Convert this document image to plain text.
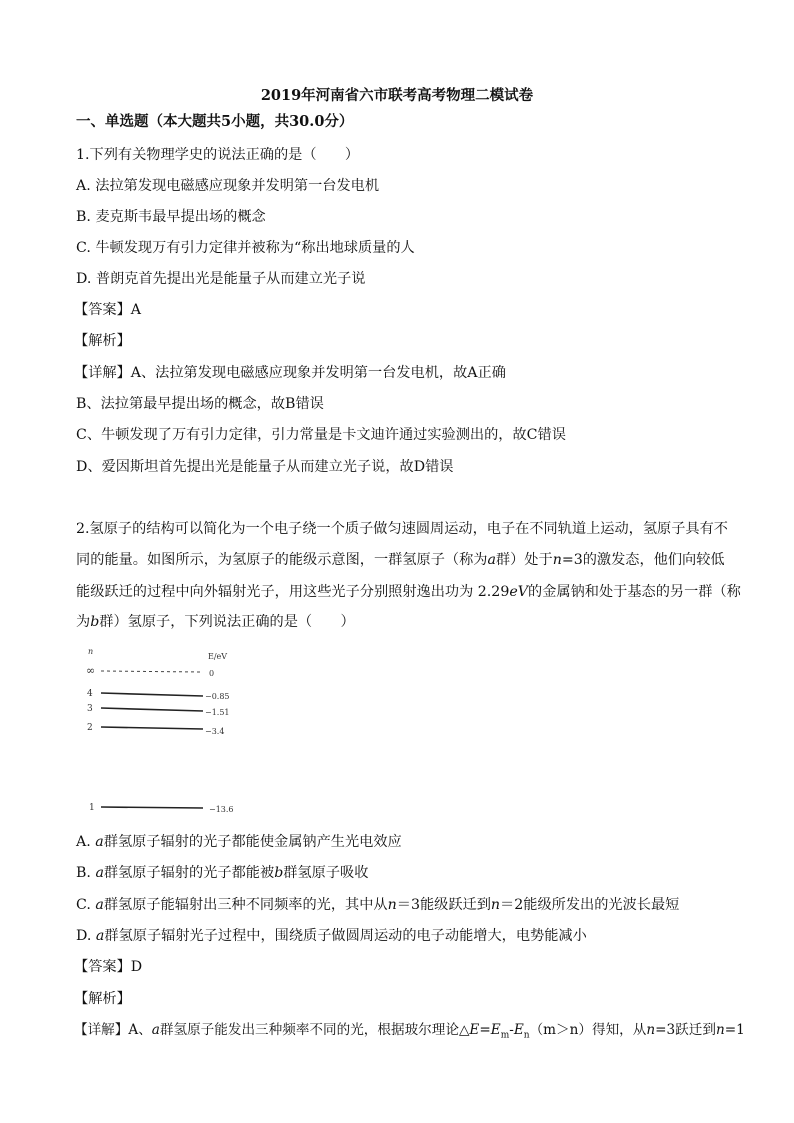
2019年河南省六市联考高考物理二模试卷
一、单选题（本大题共5小题，共30.0分）
1.下列有关物理学史的说法正确的是（　　）
A. 法拉第发现电磁感应现象并发明第一台发电机
B. 麦克斯韦最早提出场的概念
C. 牛顿发现万有引力定律并被称为“称出地球质量的人
D. 普朗克首先提出光是能量子从而建立光子说
【答案】A
【解析】
【详解】A、法拉第发现电磁感应现象并发明第一台发电机，故A正确
B、法拉第最早提出场的概念，故B错误
C、牛顿发现了万有引力定律，引力常量是卡文迪许通过实验测出的，故C错误
D、爱因斯坦首先提出光是能量子从而建立光子说，故D错误
2.氢原子的结构可以简化为一个电子绕一个质子做匀速圆周运动，电子在不同轨道上运动，氢原子具有不
同的能量。如图所示，为氢原子的能级示意图，一群氢原子（称为a群）处于n=3的激发态，他们向较低
能级跃迁的过程中向外辐射光子，用这些光子分别照射逸出功为 2.29eV的金属钠和处于基态的另一群（称
为b群）氢原子，下列说法正确的是（　　）
n
E/eV
∞	0
4	−0.85
3	−1.51
2	−3.4
1	−13.6
A. a群氢原子辐射的光子都能使金属钠产生光电效应
B. a群氢原子辐射的光子都能被b群氢原子吸收
C. a群氢原子能辐射出三种不同频率的光，其中从n＝3能级跃迁到n＝2能级所发出的光波长最短
D. a群氢原子辐射光子过程中，围绕质子做圆周运动的电子动能增大，电势能减小
【答案】D
【解析】
【详解】A、a群氢原子能发出三种频率不同的光，根据玻尔理论$\triangle E=E_m-E_n(m>n)$得知，从n=3跃迁到n=1
